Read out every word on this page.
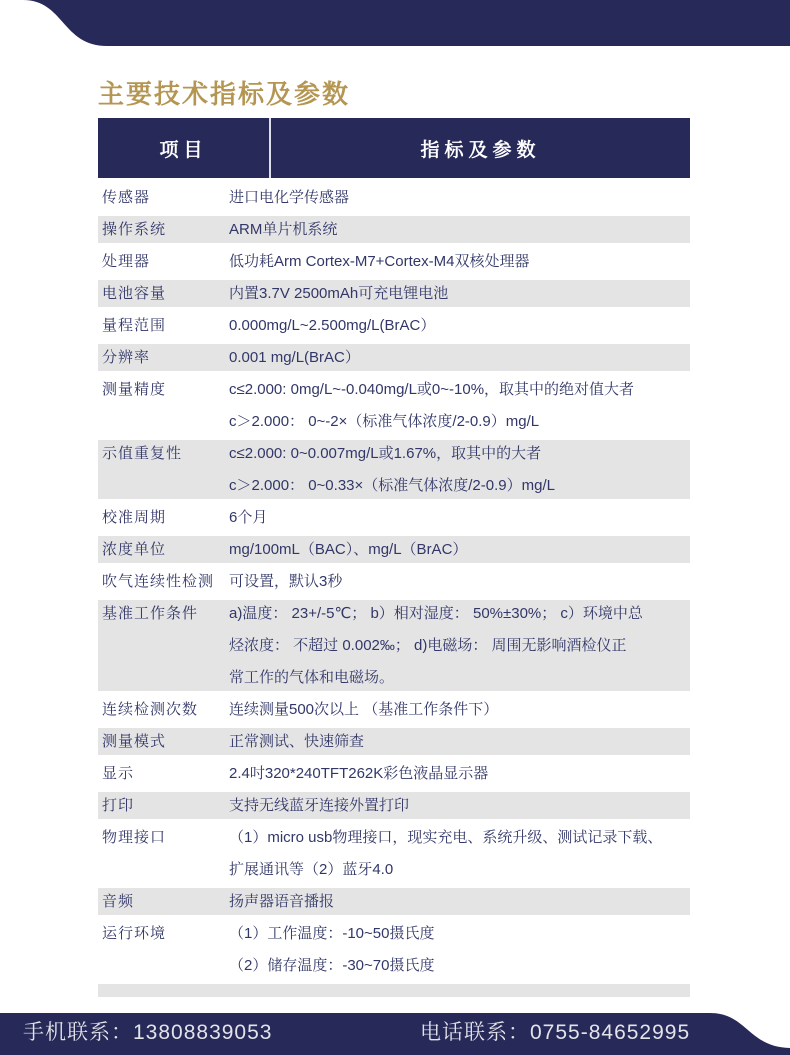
主要技术指标及参数
项目	指标及参数
传感器	进口电化学传感器
操作系统	ARM单片机系统
处理器	低功耗Arm Cortex-M7+Cortex-M4双核处理器
电池容量	内置3.7V 2500mAh可充电锂电池
量程范围	0.000mg/L~2.500mg/L(BrAC）
分辨率	0.001 mg/L(BrAC）
测量精度	c≤2.000: 0mg/L~-0.040mg/L或0~-10%，取其中的绝对值大者
c＞2.000： 0~-2×（标准气体浓度/2-0.9）mg/L
示值重复性	c≤2.000: 0~0.007mg/L或1.67%，取其中的大者
c＞2.000： 0~0.33×（标准气体浓度/2-0.9）mg/L
校准周期	6个月
浓度单位	mg/100mL（BAC）、mg/L（BrAC）
吹气连续性检测 可设置，默认3秒
基准工作条件	a)温度： 23+/-5℃； b）相对湿度： 50%±30%； c）环境中总
烃浓度： 不超过 0.002‰； d)电磁场： 周围无影响酒检仪正
常工作的气体和电磁场。
连续检测次数	连续测量500次以上 （基准工作条件下）
测量模式	正常测试、快速筛查
显示	2.4吋320*240TFT262K彩色液晶显示器
打印	支持无线蓝牙连接外置打印
物理接口	（1）micro usb物理接口，现实充电、系统升级、测试记录下载、
扩展通讯等（2）蓝牙4.0
音频	扬声器语音播报
运行环境	（1）工作温度：-10~50摄氏度
（2）储存温度：-30~70摄氏度
手机联系：13808839053	电话联系：0755-84652995
